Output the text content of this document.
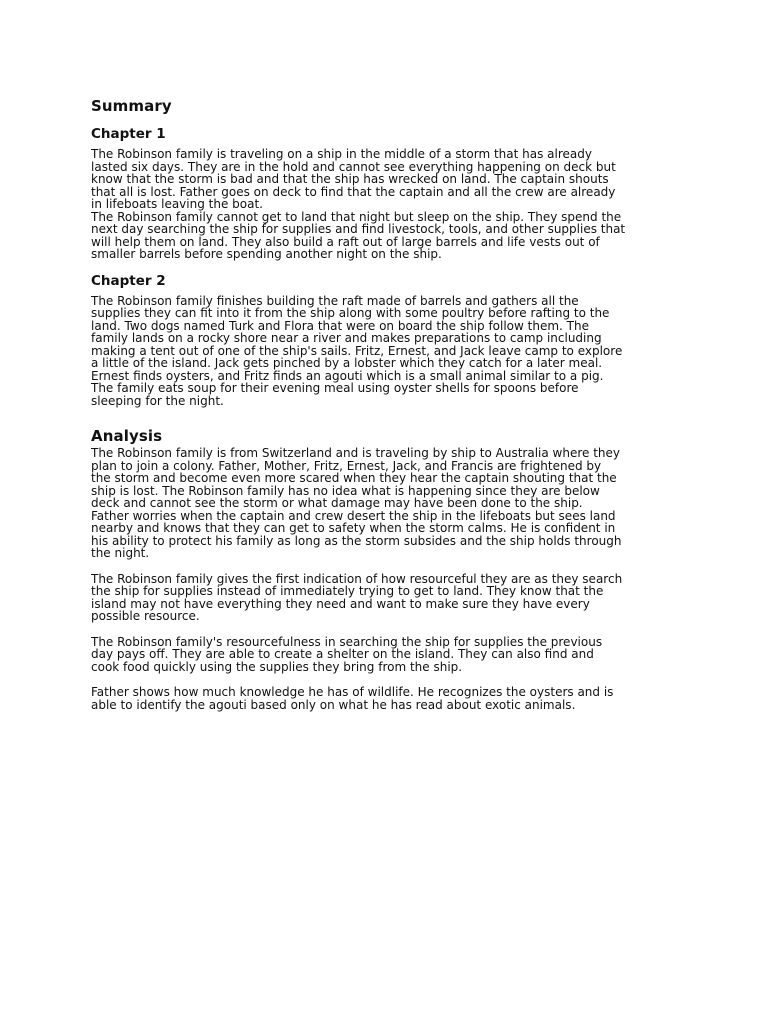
Summary
Chapter 1

The Robinson family is traveling on a ship in the middle of a storm that has already
lasted six days. They are in the hold and cannot see everything happening on deck but
know that the storm is bad and that the ship has wrecked on land. The captain shouts
that all is lost. Father goes on deck to find that the captain and all the crew are already
in lifeboats leaving the boat.

The Robinson family cannot get to land that night but sleep on the ship. They spend the
next day searching the ship for supplies and find livestock, tools, and other supplies that
will help them on land. They also build a raft out of large barrels and life vests out of
smaller barrels before spending another night on the ship.

Chapter 2

The Robinson family finishes building the raft made of barrels and gathers all the
supplies they can fit into it from the ship along with some poultry before rafting to the
land. Two dogs named Turk and Flora that were on board the ship follow them. The
family lands on a rocky shore near a river and makes preparations to camp including
making a tent out of one of the ship's sails. Fritz, Ernest, and Jack leave camp to explore
a little of the island. Jack gets pinched by a lobster which they catch for a later meal.
Ernest finds oysters, and Fritz finds an agouti which is a small animal similar to a pig.
The family eats soup for their evening meal using oyster shells for spoons before
sleeping for the night.

Analysis

The Robinson family is from Switzerland and is traveling by ship to Australia where they
plan to join a colony. Father, Mother, Fritz, Ernest, Jack, and Francis are frightened by
the storm and become even more scared when they hear the captain shouting that the
ship is lost. The Robinson family has no idea what is happening since they are below
deck and cannot see the storm or what damage may have been done to the ship.
Father worries when the captain and crew desert the ship in the lifeboats but sees land
nearby and knows that they can get to safety when the storm calms. He is confident in
his ability to protect his family as long as the storm subsides and the ship holds through
the night.

The Robinson family gives the first indication of how resourceful they are as they search
the ship for supplies instead of immediately trying to get to land. They know that the
island may not have everything they need and want to make sure they have every
possible resource.

The Robinson family's resourcefulness in searching the ship for supplies the previous
day pays off. They are able to create a shelter on the island. They can also find and
cook food quickly using the supplies they bring from the ship.

Father shows how much knowledge he has of wildlife. He recognizes the oysters and is
able to identify the agouti based only on what he has read about exotic animals.
